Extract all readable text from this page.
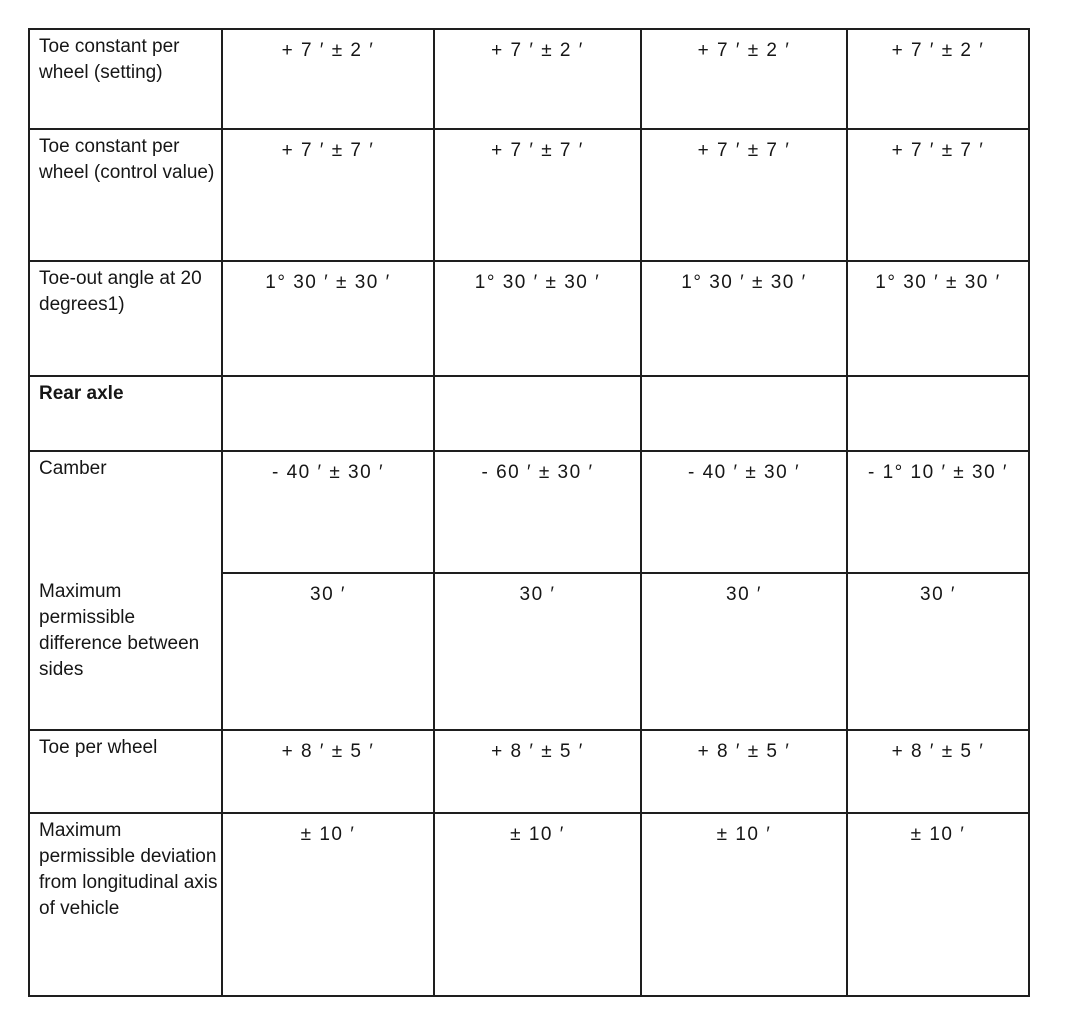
Toe constant per wheel (setting)	+ 7 ′ ± 2 ′	+ 7 ′ ± 2 ′	+ 7 ′ ± 2 ′	+ 7 ′ ± 2 ′
Toe constant per wheel (control value)	+ 7 ′ ± 7 ′	+ 7 ′ ± 7 ′	+ 7 ′ ± 7 ′	+ 7 ′ ± 7 ′
Toe-out angle at 20 degrees1)	1° 30 ′ ± 30 ′	1° 30 ′ ± 30 ′	1° 30 ′ ± 30 ′	1° 30 ′ ± 30 ′
Rear axle				
Camber	- 40 ′ ± 30 ′	- 60 ′ ± 30 ′	- 40 ′ ± 30 ′	- 1° 10 ′ ± 30 ′
Maximum permissible difference between sides	30 ′	30 ′	30 ′	30 ′
Toe per wheel	+ 8 ′ ± 5 ′	+ 8 ′ ± 5 ′	+ 8 ′ ± 5 ′	+ 8 ′ ± 5 ′
Maximum permissible deviation from longitudinal axis of vehicle	± 10 ′	± 10 ′	± 10 ′	± 10 ′
